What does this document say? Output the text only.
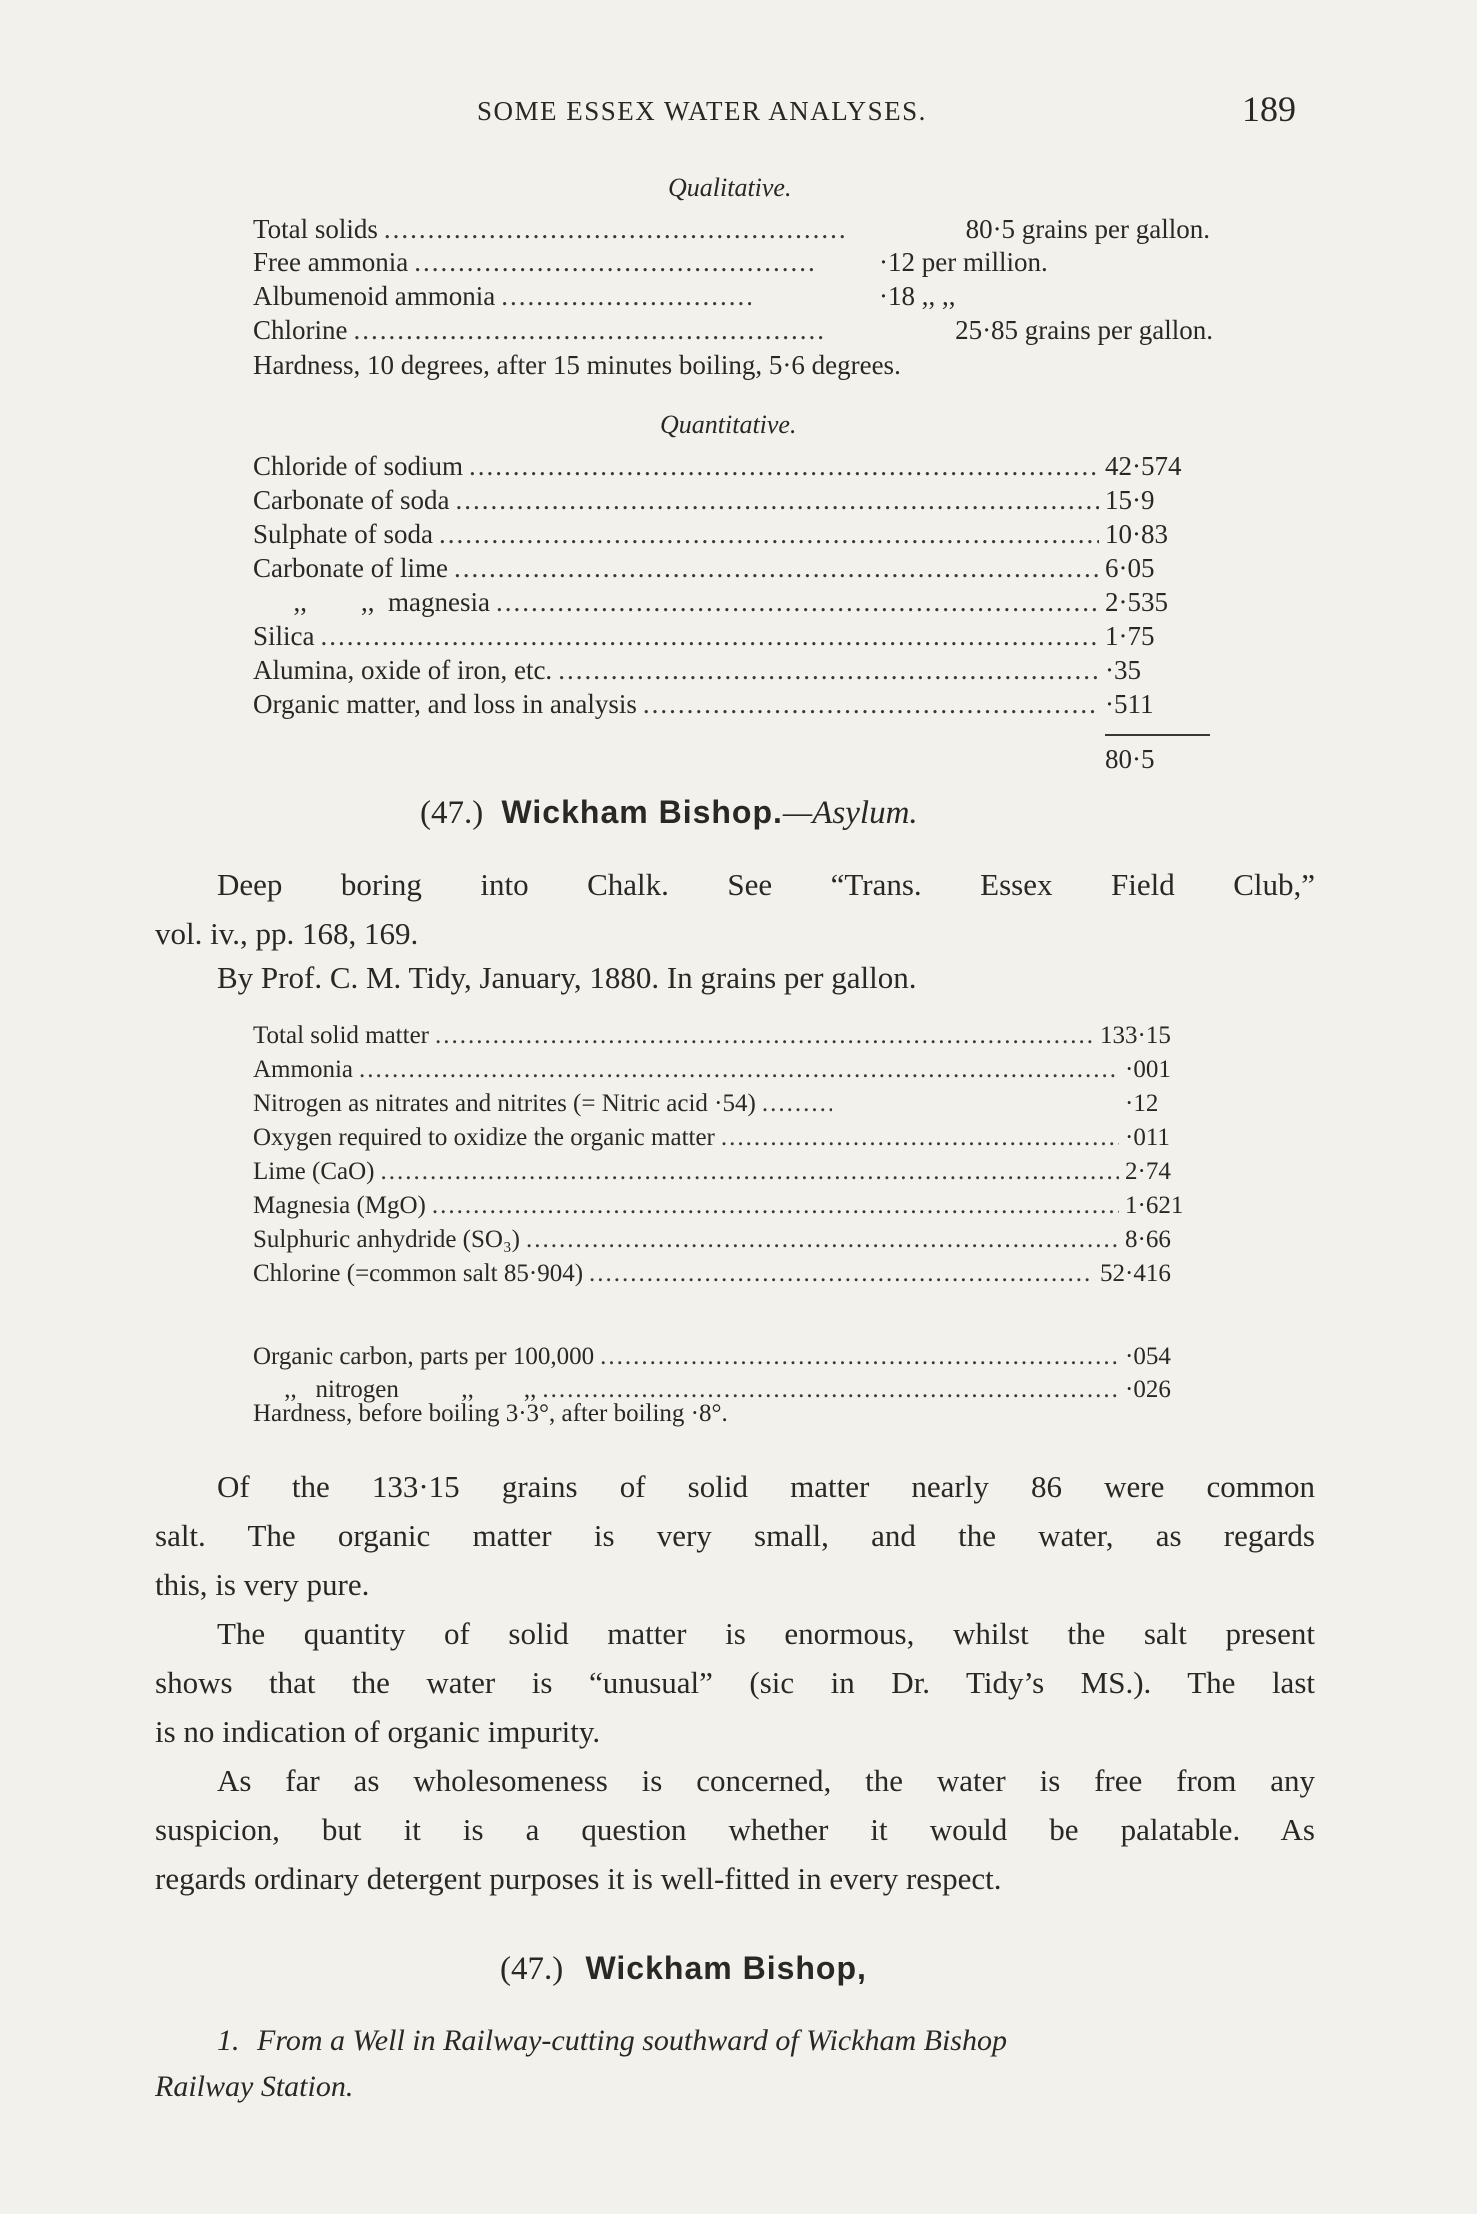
SOME ESSEX WATER ANALYSES.	189
Qualitative.
Total solids .....	80·5 grains per gallon.
Free ammonia .....	·12 per million.
Albumenoid ammonia .....	·18 ,, ,,
Chlorine .....	25·85 grains per gallon.
Hardness, 10 degrees, after 15 minutes boiling, 5·6 degrees.
Quantitative.
Chloride of sodium .....	42·574
Carbonate of soda .....	15·9
Sulphate of soda .....	10·83
Carbonate of lime .....	6·05
,,        ,,  magnesia .....	2·535
Silica .....	1·75
Alumina, oxide of iron, etc. .....	·35
Organic matter, and loss in analysis .....	·511
80·5
(47.) Wickham Bishop.—Asylum.
Deep boring into Chalk. See “Trans. Essex Field Club,”
vol. iv., pp. 168, 169.
By Prof. C. M. Tidy, January, 1880. In grains per gallon.
Total solid matter .....	133·15
Ammonia .....	·001
Nitrogen as nitrates and nitrites (= Nitric acid ·54) .....	·12
Oxygen required to oxidize the organic matter .....	·011
Lime (CaO) .....	2·74
Magnesia (MgO) .....	1·621
Sulphuric anhydride (SO₃) .....	8·66
Chlorine (=common salt 85·904) .....	52·416
Organic carbon, parts per 100,000 .....	·054
,,   nitrogen          ,,        ,, .....	·026
Hardness, before boiling 3·3°, after boiling ·8°.
Of the 133·15 grains of solid matter nearly 86 were common
salt. The organic matter is very small, and the water, as regards
this, is very pure.
The quantity of solid matter is enormous, whilst the salt present
shows that the water is “unusual” (sic in Dr. Tidy’s MS.). The last
is no indication of organic impurity.
As far as wholesomeness is concerned, the water is free from any
suspicion, but it is a question whether it would be palatable. As
regards ordinary detergent purposes it is well-fitted in every respect.
(47.) Wickham Bishop,
1. From a Well in Railway-cutting southward of Wickham Bishop
Railway Station.
